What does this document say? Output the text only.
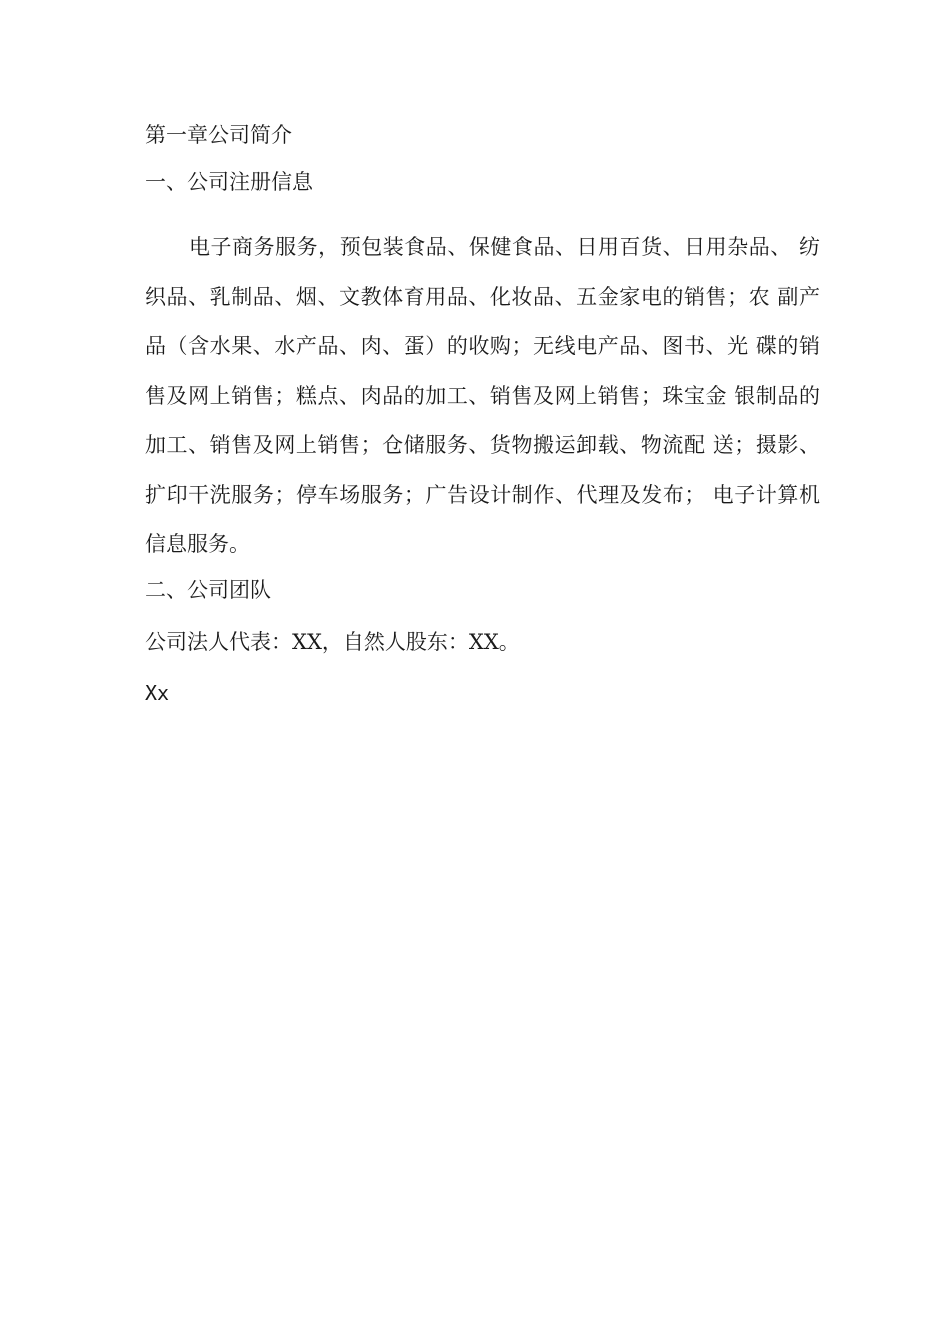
第一章公司简介
一、公司注册信息
电子商务服务，预包装食品、保健食品、日用百货、日用杂品、 纺
织品、乳制品、烟、文教体育用品、化妆品、五金家电的销售；农 副产
品（含水果、水产品、肉、蛋）的收购；无线电产品、图书、光 碟的销
售及网上销售；糕点、肉品的加工、销售及网上销售；珠宝金 银制品的
加工、销售及网上销售；仓储服务、货物搬运卸载、物流配 送；摄影、
扩印干洗服务；停车场服务；广告设计制作、代理及发布； 电子计算机
信息服务。
二、公司团队
公司法人代表：XX，自然人股东：XX。
Xx
